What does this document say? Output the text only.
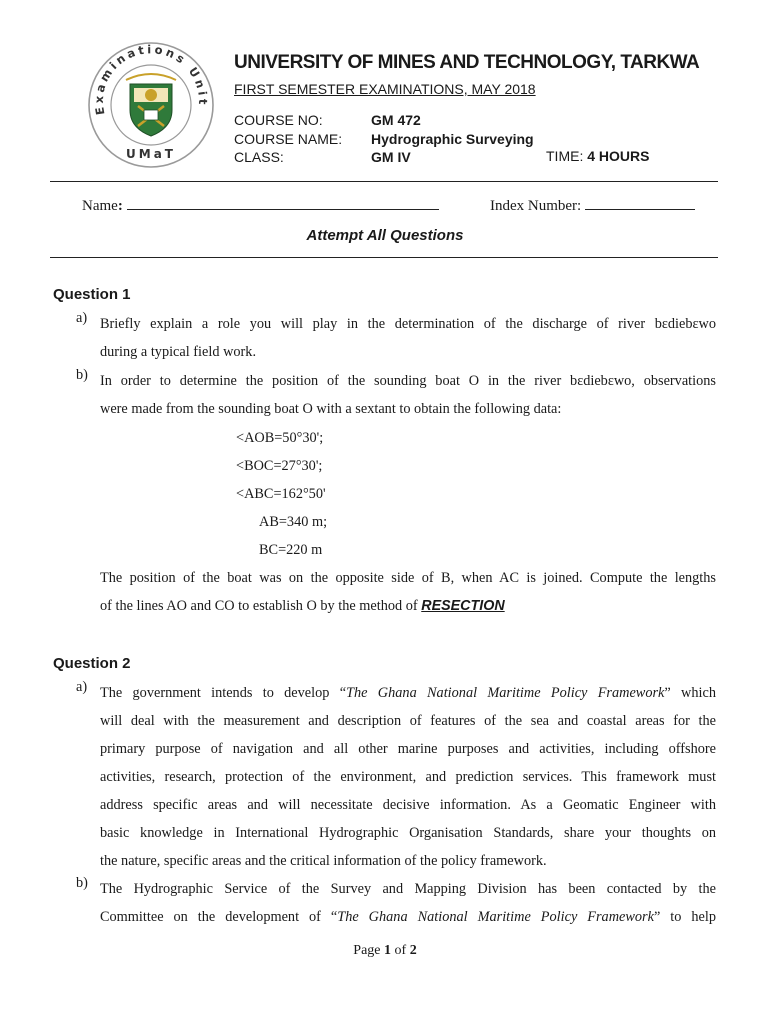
Examinations Unit
UMaT
UNIVERSITY OF MINES AND TECHNOLOGY, TARKWA
FIRST SEMESTER EXAMINATIONS, MAY 2018
COURSE NO:	GM 472
COURSE NAME: Hydrographic Surveying
CLASS:	GM IV	TIME: 4 HOURS
Name:	Index Number:
Attempt All Questions
Question 1
a) Briefly explain a role you will play in the determination of the discharge of river bɛdiebɛwo
during a typical field work.
b) In order to determine the position of the sounding boat O in the river bɛdiebɛwo, observations
were made from the sounding boat O with a sextant to obtain the following data:
<AOB=50°30';
<BOC=27°30';
<ABC=162°50'
AB=340 m;
BC=220 m
The position of the boat was on the opposite side of B, when AC is joined. Compute the lengths
of the lines AO and CO to establish O by the method of RESECTION
Question 2
a) The government intends to develop “The Ghana National Maritime Policy Framework” which
will deal with the measurement and description of features of the sea and coastal areas for the
primary purpose of navigation and all other marine purposes and activities, including offshore
activities, research, protection of the environment, and prediction services. This framework must
address specific areas and will necessitate decisive information. As a Geomatic Engineer with
basic knowledge in International Hydrographic Organisation Standards, share your thoughts on
the nature, specific areas and the critical information of the policy framework.
b) The Hydrographic Service of the Survey and Mapping Division has been contacted by the
Committee on the development of “The Ghana National Maritime Policy Framework” to help
Page 1 of 2
